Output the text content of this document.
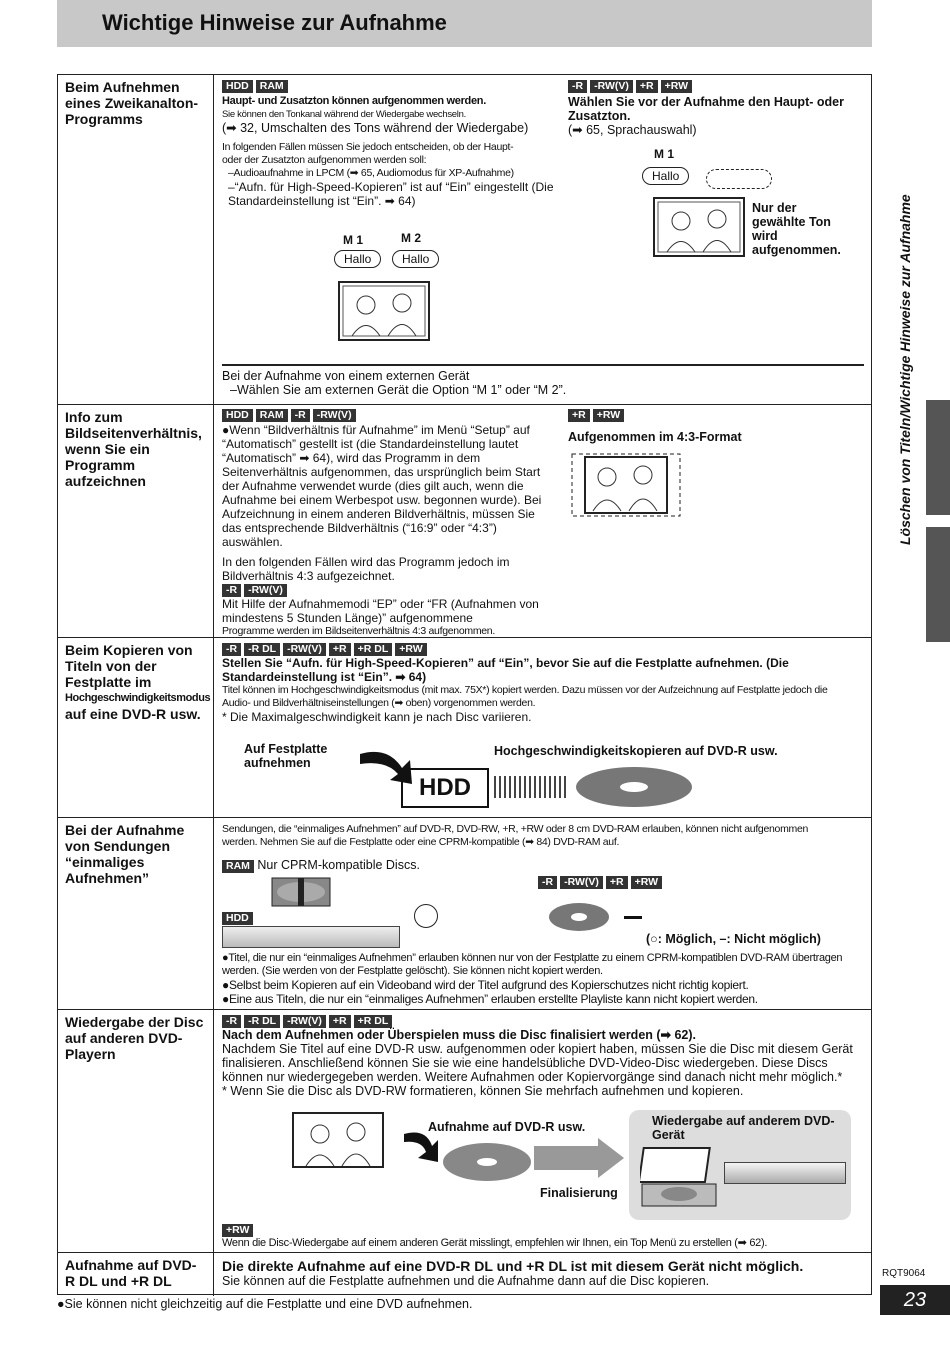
Wichtige Hinweise zur Aufnahme
Beim Aufnehmen eines Zweikanalton-Programms
HDD	RAM
Haupt- und Zusatzton können aufgenommen werden.
Sie können den Tonkanal während der Wiedergabe wechseln.
(➡ 32, Umschalten des Tons während der Wiedergabe)
In folgenden Fällen müssen Sie jedoch entscheiden, ob der Haupt- oder der Zusatzton aufgenommen werden soll:
–Audioaufnahme in LPCM (➡ 65, Audiomodus für XP-Aufnahme)
–“Aufn. für High-Speed-Kopieren” ist auf “Ein” eingestellt (Die Standardeinstellung ist “Ein”. ➡ 64)
M 1	M 2
Hallo	Hallo
-R	-RW(V)	+R	+RW
Wählen Sie vor der Aufnahme den Haupt- oder Zusatzton.
(➡ 65, Sprachauswahl)
M 1
Hallo
Nur der gewählte Ton wird aufgenommen.
Bei der Aufnahme von einem externen Gerät
–Wählen Sie am externen Gerät die Option “M 1” oder “M 2”.
Info zum Bildseitenverhältnis, wenn Sie ein Programm aufzeichnen
HDD	RAM	-R	-RW(V)
●Wenn “Bildverhältnis für Aufnahme” im Menü “Setup” auf “Automatisch” gestellt ist (die Standardeinstellung lautet “Automatisch” ➡ 64), wird das Programm in dem Seitenverhältnis aufgenommen, das ursprünglich beim Start der Aufnahme verwendet wurde (dies gilt auch, wenn die Aufnahme bei einem Werbespot usw. begonnen wurde). Bei Aufzeichnung in einem anderen Bildverhältnis, müssen Sie das entsprechende Bildverhältnis (“16:9” oder “4:3”) auswählen.
In den folgenden Fällen wird das Programm jedoch im Bildverhältnis 4:3 aufgezeichnet.
-R	-RW(V)
Mit Hilfe der Aufnahmemodi “EP” oder “FR (Aufnahmen von mindestens 5 Stunden Länge)” aufgenommene
Programme werden im Bildseitenverhältnis 4:3 aufgenommen.
+R	+RW
Aufgenommen im 4:3-Format
Beim Kopieren von Titeln von der Festplatte im
Hochgeschwindigkeitsmodus
auf eine DVD-R usw.
-R	-R DL	-RW(V)	+R	+R DL	+RW
Stellen Sie “Aufn. für High-Speed-Kopieren” auf “Ein”, bevor Sie auf die Festplatte aufnehmen. (Die Standardeinstellung ist “Ein”. ➡ 64)
Titel können im Hochgeschwindigkeitsmodus (mit max. 75X*) kopiert werden. Dazu müssen vor der Aufzeichnung auf Festplatte jedoch die Audio- und Bildverhältniseinstellungen (➡ oben) vorgenommen werden.
* Die Maximalgeschwindigkeit kann je nach Disc variieren.
Auf Festplatte aufnehmen
HDD
Hochgeschwindigkeitskopieren auf DVD-R usw.
Bei der Aufnahme von Sendungen “einmaliges Aufnehmen”
Sendungen, die “einmaliges Aufnehmen” auf DVD-R, DVD-RW, +R, +RW oder 8 cm DVD-RAM erlauben, können nicht aufgenommen werden. Nehmen Sie auf die Festplatte oder eine CPRM-kompatible (➡ 84) DVD-RAM auf.
RAM Nur CPRM-kompatible Discs.
-R	-RW(V)	+R	+RW
HDD
(○: Möglich, –: Nicht möglich)
●Titel, die nur ein “einmaliges Aufnehmen” erlauben können nur von der Festplatte zu einem CPRM-kompatiblen DVD-RAM übertragen werden. (Sie werden von der Festplatte gelöscht). Sie können nicht kopiert werden.
●Selbst beim Kopieren auf ein Videoband wird der Titel aufgrund des Kopierschutzes nicht richtig kopiert.
●Eine aus Titeln, die nur ein “einmaliges Aufnehmen” erlauben erstellte Playliste kann nicht kopiert werden.
Wiedergabe der Disc auf anderen DVD-Playern
-R	-R DL	-RW(V)	+R	+R DL
Nach dem Aufnehmen oder Überspielen muss die Disc finalisiert werden (➡ 62).
Nachdem Sie Titel auf eine DVD-R usw. aufgenommen oder kopiert haben, müssen Sie die Disc mit diesem Gerät finalisieren. Anschließend können Sie sie wie eine handelsübliche DVD-Video-Disc wiedergeben. Diese Discs können nur wiedergegeben werden. Weitere Aufnahmen oder Kopiervorgänge sind danach nicht mehr möglich.*
* Wenn Sie die Disc als DVD-RW formatieren, können Sie mehrfach aufnehmen und kopieren.
Aufnahme auf DVD-R usw.
Finalisierung
Wiedergabe auf anderem DVD-Gerät
+RW
Wenn die Disc-Wiedergabe auf einem anderen Gerät misslingt, empfehlen wir Ihnen, ein Top Menü zu erstellen (➡ 62).
Aufnahme auf DVD-R DL und +R DL
Die direkte Aufnahme auf eine DVD-R DL und +R DL ist mit diesem Gerät nicht möglich.
Sie können auf die Festplatte aufnehmen und die Aufnahme dann auf die Disc kopieren.
●Sie können nicht gleichzeitig auf die Festplatte und eine DVD aufnehmen.
Löschen von Titeln/Wichtige Hinweise zur Aufnahme
RQT9064
23
